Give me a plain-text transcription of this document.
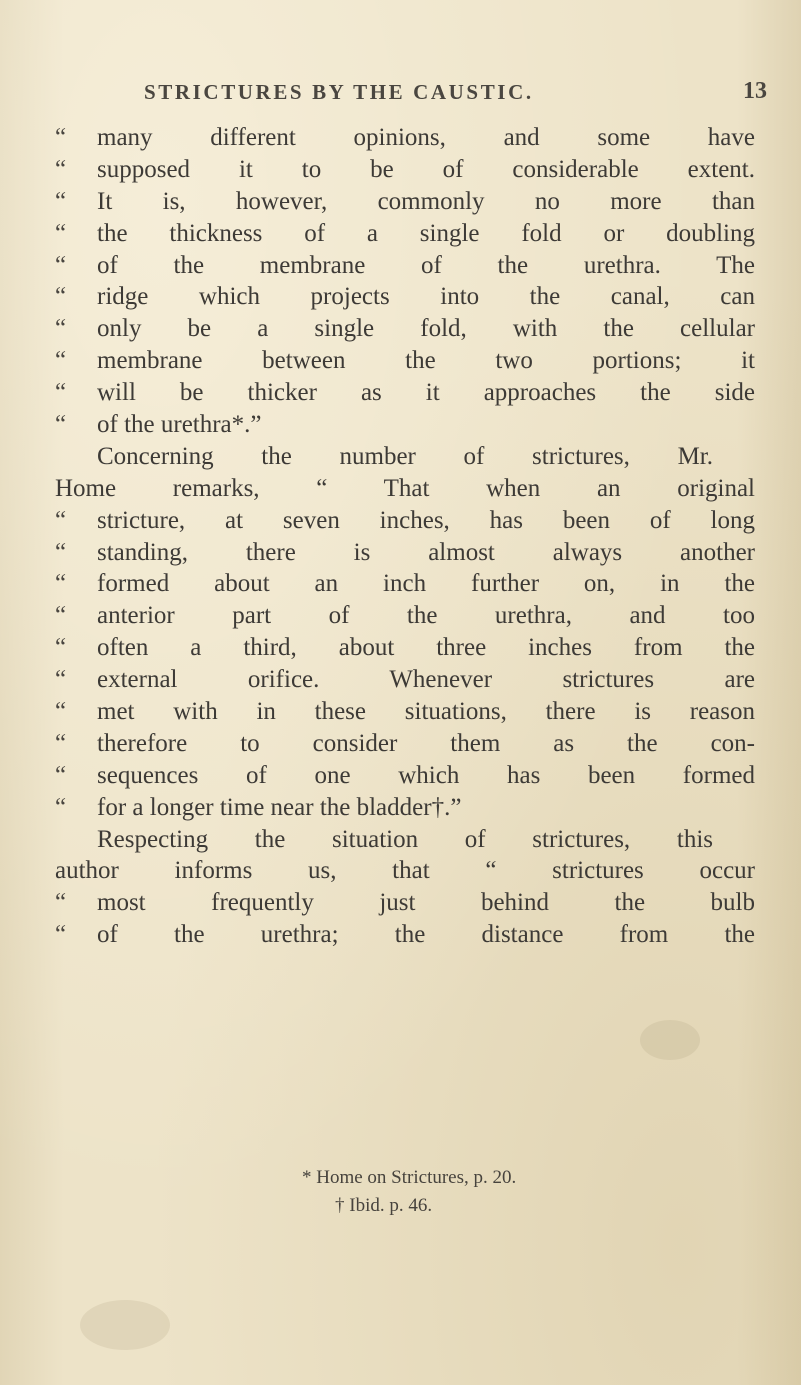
STRICTURES BY THE CAUSTIC.	13
“	many different opinions, and some have
“	supposed it to be of considerable extent.
“	It is, however, commonly no more than
“	the thickness of a single fold or doubling
“	of the membrane of the urethra. The
“	ridge which projects into the canal, can
“	only be a single fold, with the cellular
“	membrane between the two portions; it
“	will be thicker as it approaches the side
“	of the urethra*.”
Concerning the number of strictures, Mr.
Home remarks, “ That when an original
“	stricture, at seven inches, has been of long
“	standing, there is almost always another
“	formed about an inch further on, in the
“	anterior part of the urethra, and too
“	often a third, about three inches from the
“	external orifice. Whenever strictures are
“	met with in these situations, there is reason
“	therefore to consider them as the con-
“	sequences of one which has been formed
“	for a longer time near the bladder†.”
Respecting the situation of strictures, this
author informs us, that “ strictures occur
“	most frequently just behind the bulb
“	of the urethra; the distance from the
* Home on Strictures, p. 20.
† Ibid. p. 46.
